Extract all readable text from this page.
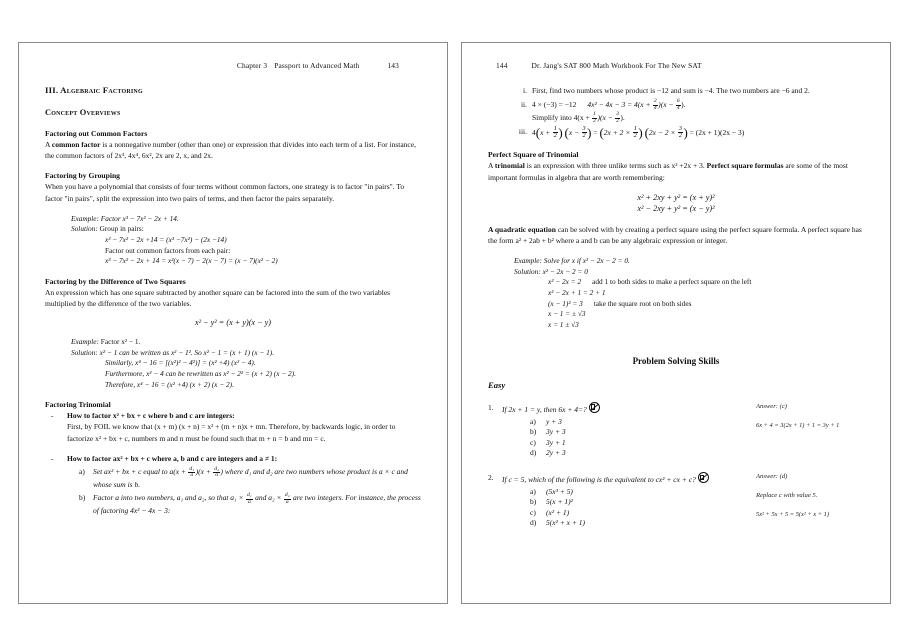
Chapter 3 Passport to Advanced Math	143
III. Algebraic Factoring
Concept Overviews
Factoring out Common Factors

A common factor is a nonnegative number (other than one) or expression that divides into each term of a list. For instance, the common factors of 2x³, 4x⁴, 6x², 2x are 2, x, and 2x.

Factoring by Grouping

When you have a polynomial that consists of four terms without common factors, one strategy is to factor "in pairs". To factor "in pairs", split the expression into two pairs of terms, and then factor the pairs separately.

Example: Factor x³ − 7x² − 2x + 14.
Solution: Group in pairs:
x³ − 7x² − 2x +14 = (x³ −7x²) − (2x −14)
Factor out common factors from each pair:
x³ − 7x² − 2x + 14 = x²(x − 7) − 2(x − 7) = (x − 7)(x² − 2)
Factoring by the Difference of Two Squares

An expression which has one square subtracted by another square can be factored into the sum of the two variables multiplied by the difference of the two variables.

x² − y² = (x + y)(x − y)
Example: Factor x² − 1.
Solution: x² − 1 can be written as x² − 1². So x² − 1 = (x + 1) (x − 1).
Similarly, x⁴ − 16 = [(x²)² − 4²)] = (x² +4) (x² − 4).
Furthermore, x² − 4 can be rewritten as x² − 2² = (x + 2) (x − 2).
Therefore, x⁴ − 16 = (x² +4) (x + 2) (x − 2).
Factoring Trinomial
- How to factor x² + bx + c where b and c are integers:
First, by FOIL we know that (x + m) (x + n) = x² + (m + n)x + mn. Therefore, by backwards logic, in order to factorize x² + bx + c, numbers m and n must be found such that m + n = b and mn = c.
- How to factor ax² + bx + c where a, b and c are integers and a ≠ 1:
a) Set ax² + bx + c equal to $a(x + \frac{\text{d₁}}{a} )(x + \frac{\text{d₂}}{a}$ ) where d₁ and d₂ are two numbers whose product is a × c and whose sum is b.
b) Factor a into two numbers, a₁ and a₂, so that $a_1 \times \frac{\text{d₁}}{a}$ and $a_2 \times \frac{\text{d₂}}{a}$ are two integers. For instance, the process of factoring 4x² − 4x − 3:
144	Dr. Jang's SAT 800 Math Workbook For The New SAT
i. First, find two numbers whose product is −12 and sum is −4. The two numbers are −6 and 2.
ii. 4 × (−3) = −12 $4x^2 - 4x - 3 = 4(x + \frac{2}{4} )(x - \frac{6}{4}$ ).
Simplify into $4(x + \frac{1}{2} )(x - \frac{3}{2}$ ).
iii. $4(x + \frac{1}{2}$ ) ($x - \frac{3}{2}$ ) = ($2x + 2 \times \frac{1}{2}$ ) ($2x - 2 \times \frac{3}{2}$ ) = (2x + 1)(2x − 3)
Perfect Square of Trinomial

A trinomial is an expression with three unlike terms such as x² +2x + 3. Perfect square formulas are some of the most important formulas in algebra that are worth remembering:

x² + 2xy + y² = (x + y)²
x² − 2xy + y² = (x − y)²

A quadratic equation can be solved with by creating a perfect square using the perfect square formula. A perfect square has the form a² + 2ab + b² where a and b can be any algebraic expression or integer.

Example: Solve for x if x² − 2x − 2 = 0.
Solution: x² − 2x − 2 = 0
x² − 2x = 2 add 1 to both sides to make a perfect square on the left
x² − 2x + 1 = 2 + 1
(x − 1)² = 3 take the square root on both sides
x − 1 = ± √3
x = 1 ± √3
Problem Solving Skills
Easy
1.	If 2x + 1 = y, then 6x + 4=?
a) y + 3
b) 3y + 3
c) 3y + 1
d) 2y + 3
Answer: (c)
6x + 4 = 3(2x + 1) + 1 = 3y + 1
2.	If c = 5, which of the following is the equivalent to cx² + cx + c?
a) (5x³ + 5)
b) 5(x + 1)²
c) (x² + 1)
d) 5(x² + x + 1)
Answer: (d)
Replace c with value 5.
5x² + 5x + 5 = 5(x² + x + 1)
